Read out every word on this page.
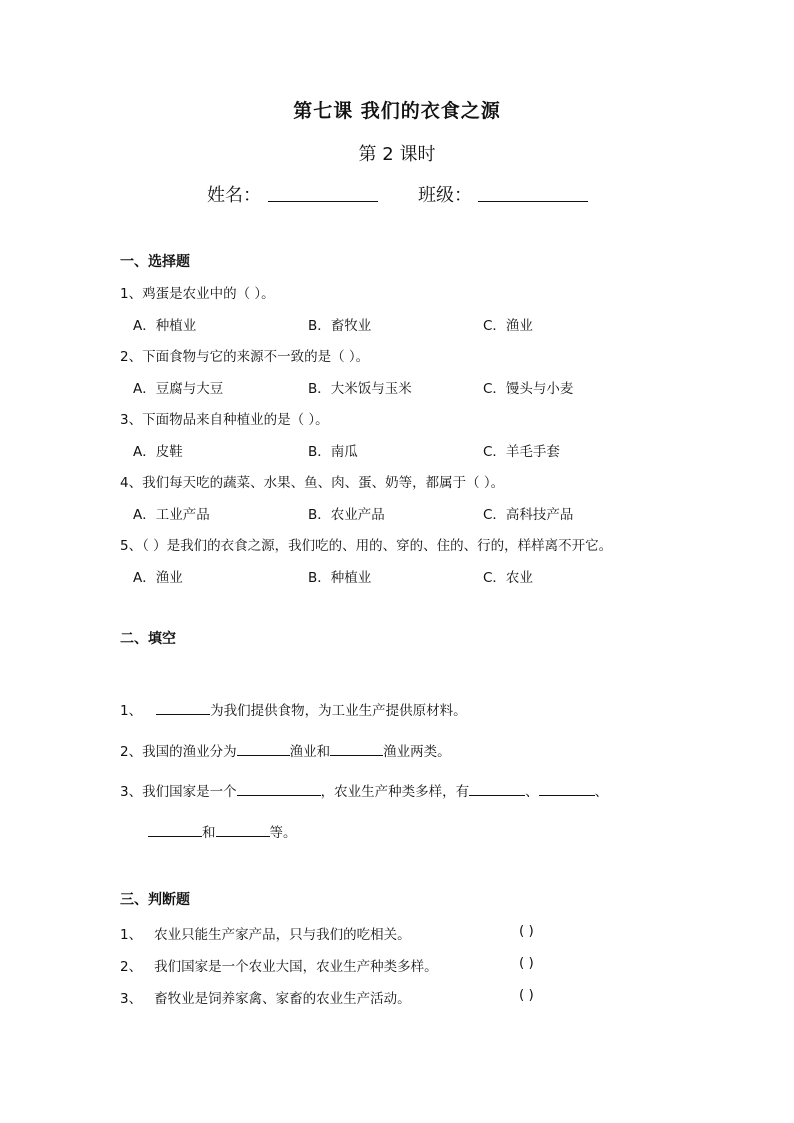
第七课 我们的衣食之源
第 2 课时
姓名：	班级：
一、选择题
1、鸡蛋是农业中的（ ）。
A．种植业	B．畜牧业	C．渔业
2、下面食物与它的来源不一致的是（ ）。
A．豆腐与大豆	B．大米饭与玉米	C．馒头与小麦
3、下面物品来自种植业的是（ ）。
A．皮鞋	B．南瓜	C．羊毛手套
4、我们每天吃的蔬菜、水果、鱼、肉、蛋、奶等，都属于（ ）。
A．工业产品	B．农业产品	C．高科技产品
5、（ ）是我们的衣食之源，我们吃的、用的、穿的、住的、行的，样样离不开它。
A．渔业	B．种植业	C．农业
二、填空
1、	为我们提供食物，为工业生产提供原材料。
2、我国的渔业分为	渔业和	渔业两类。
3、我们国家是一个	，农业生产种类多样，有	、	、
和	等。
三、判断题
1、 农业只能生产家产品，只与我们的吃相关。	( )
2、 我们国家是一个农业大国，农业生产种类多样。	( )
3、 畜牧业是饲养家禽、家畜的农业生产活动。	( )
